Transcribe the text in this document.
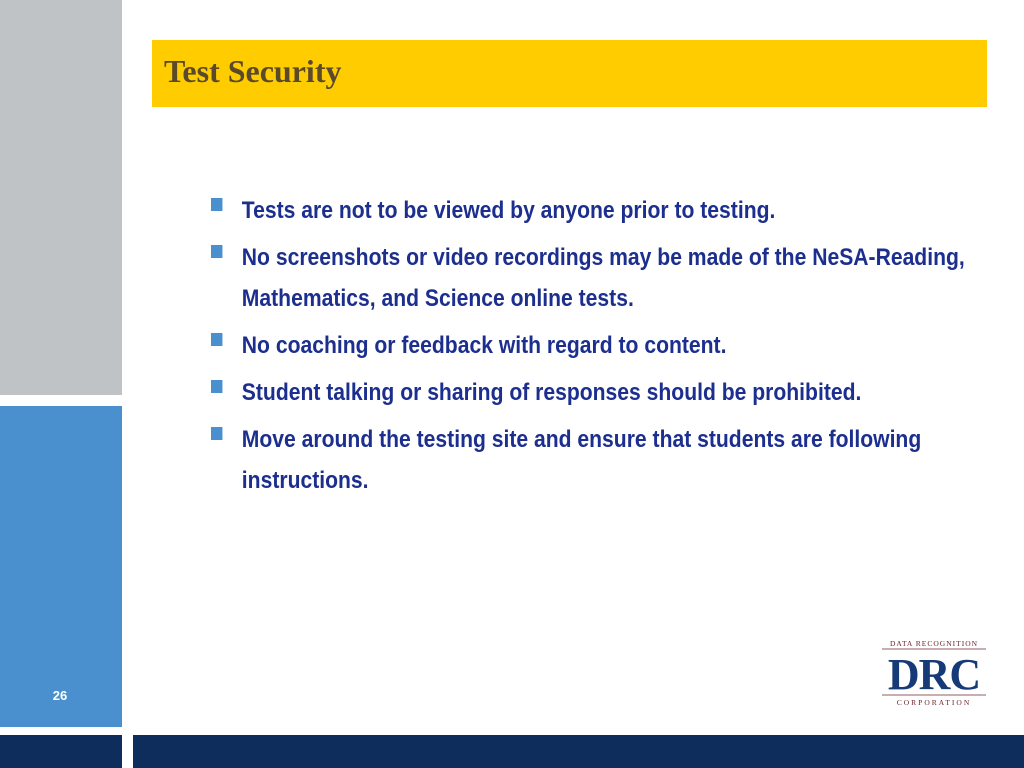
26
Test Security
Tests are not to be viewed by anyone prior to testing.
No screenshots or video recordings may be made of the NeSA-Reading, Mathematics, and Science online tests.
No coaching or feedback with regard to content.
Student talking or sharing of responses should be prohibited.
Move around the testing site and ensure that students are following instructions.
DATA RECOGNITION
DRC
CORPORATION
